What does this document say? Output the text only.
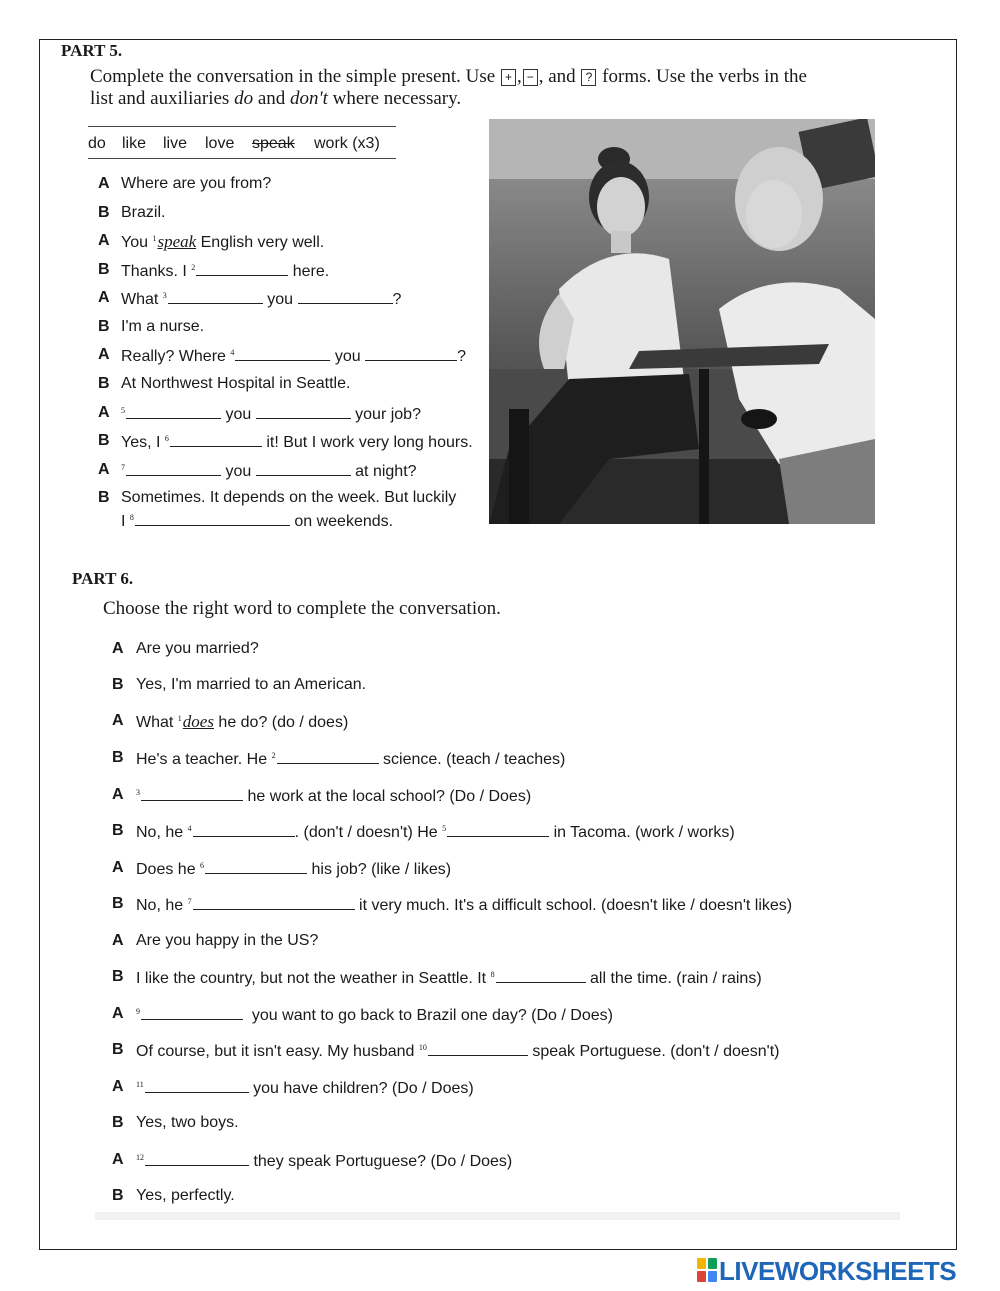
PART 5.
Complete the conversation in the simple present. Use + , − , and ? forms. Use the verbs in the
list and auxiliaries do and don't where necessary.
do like live love speak work (x3)
A Where are you from?
B Brazil.
A You $^1$speak English very well.
B Thanks. I $^2$	here.
A What $^3$	you	?
B I'm a nurse.
A Really? Where $^4$	you	?
B At Northwest Hospital in Seattle.
A $^5$	you	your job?
B Yes, I $^6$	it! But I work very long hours.
A $^7$	you	at night?
B Sometimes. It depends on the week. But luckily
I $^8$	on weekends.
PART 6.
Choose the right word to complete the conversation.
A Are you married?
B Yes, I'm married to an American.
A What $^1$does he do? (do / does)
B He's a teacher. He $^2$	science. (teach / teaches)
A $^3$	he work at the local school? (Do / Does)
B No, he $^4$	. (don't / doesn't) He $^5$	in Tacoma. (work / works)
A Does he $^6$	his job? (like / likes)
B No, he $^7$	it very much. It's a difficult school. (doesn't like / doesn't likes)
A Are you happy in the US?
B I like the country, but not the weather in Seattle. It $^8$	all the time. (rain / rains)
A $^9$	you want to go back to Brazil one day? (Do / Does)
B Of course, but it isn't easy. My husband $^{10}$	speak Portuguese. (don't / doesn't)
A $^{11}$	you have children? (Do / Does)
B Yes, two boys.
A $^{12}$	they speak Portuguese? (Do / Does)
B Yes, perfectly.
LIVEWORKSHEETS
